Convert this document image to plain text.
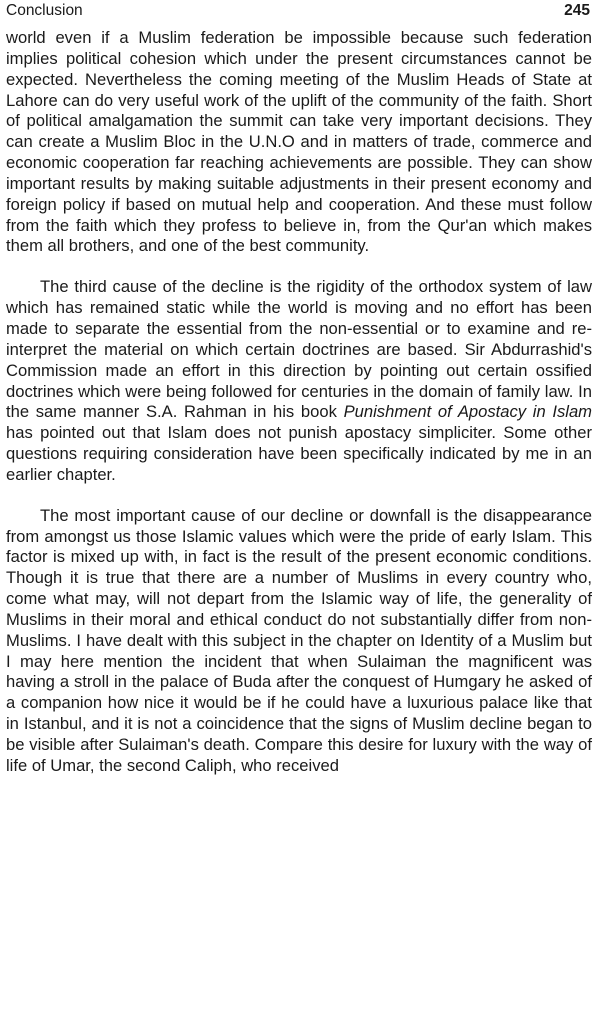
Conclusion	245

world even if a Muslim federation be impossible because such federation implies political cohesion which under the present circumstances cannot be expected. Nevertheless the coming meeting of the Muslim Heads of State at Lahore can do very useful work of the uplift of the community of the faith. Short of political amalgamation the summit can take very important decisions. They can create a Muslim Bloc in the U.N.O and in matters of trade, commerce and economic cooperation far reaching achievements are possible. They can show important results by making suitable adjustments in their present economy and foreign policy if based on mutual help and cooperation. And these must follow from the faith which they profess to believe in, from the Qur'an which makes them all brothers, and one of the best community.

The third cause of the decline is the rigidity of the orthodox system of law which has remained static while the world is moving and no effort has been made to separate the essential from the non-essential or to examine and re-interpret the material on which certain doctrines are based. Sir Abdurrashid's Commission made an effort in this direction by pointing out certain ossified doctrines which were being followed for centuries in the domain of family law. In the same manner S.A. Rahman in his book Punishment of Apostacy in Islam has pointed out that Islam does not punish apostacy simpliciter. Some other questions requiring consideration have been specifically indicated by me in an earlier chapter.

The most important cause of our decline or downfall is the disappearance from amongst us those Islamic values which were the pride of early Islam. This factor is mixed up with, in fact is the result of the present economic conditions. Though it is true that there are a number of Muslims in every country who, come what may, will not depart from the Islamic way of life, the generality of Muslims in their moral and ethical conduct do not substantially differ from non-Muslims. I have dealt with this subject in the chapter on Identity of a Muslim but I may here mention the incident that when Sulaiman the magnificent was having a stroll in the palace of Buda after the conquest of Humgary he asked of a companion how nice it would be if he could have a luxurious palace like that in Istanbul, and it is not a coincidence that the signs of Muslim decline began to be visible after Sulaiman's death. Compare this desire for luxury with the way of life of Umar, the second Caliph, who received
